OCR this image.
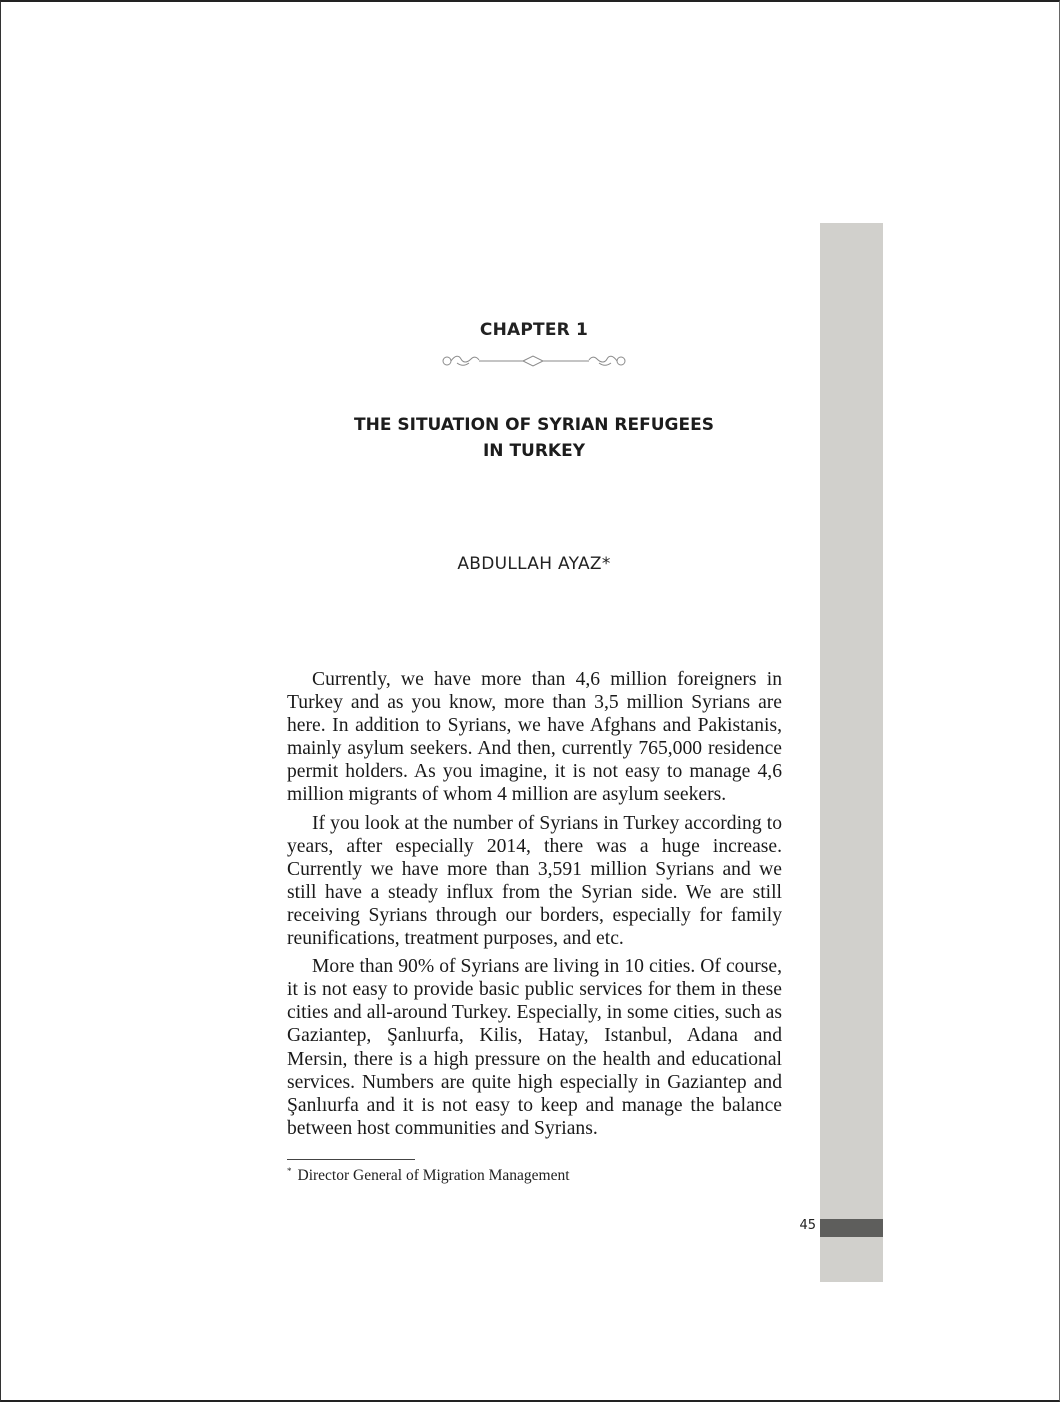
45
CHAPTER 1
THE SITUATION OF SYRIAN REFUGEES
IN TURKEY
ABDULLAH AYAZ*

Currently, we have more than 4,6 million foreigners in Turkey and as you know, more than 3,5 million Syrians are here. In addition to Syrians, we have Afghans and Pakistanis, mainly asylum seekers. And then, currently 765,000 residence permit holders. As you imagine, it is not easy to manage 4,6 million migrants of whom 4 million are asylum seekers.

If you look at the number of Syrians in Turkey according to years, after especially 2014, there was a huge increase. Currently we have more than 3,591 million Syrians and we still have a steady influx from the Syrian side. We are still receiving Syrians through our borders, especially for family reunifications, treatment purposes, and etc.

More than 90% of Syrians are living in 10 cities. Of course, it is not easy to provide basic public services for them in these cities and all-around Turkey. Especially, in some cities, such as Gaziantep, Şanlıurfa, Kilis, Hatay, Istanbul, Adana and Mersin, there is a high pressure on the health and educational services. Numbers are quite high especially in Gaziantep and Şanlıurfa and it is not easy to keep and manage the balance between host communities and Syrians.

* Director General of Migration Management
